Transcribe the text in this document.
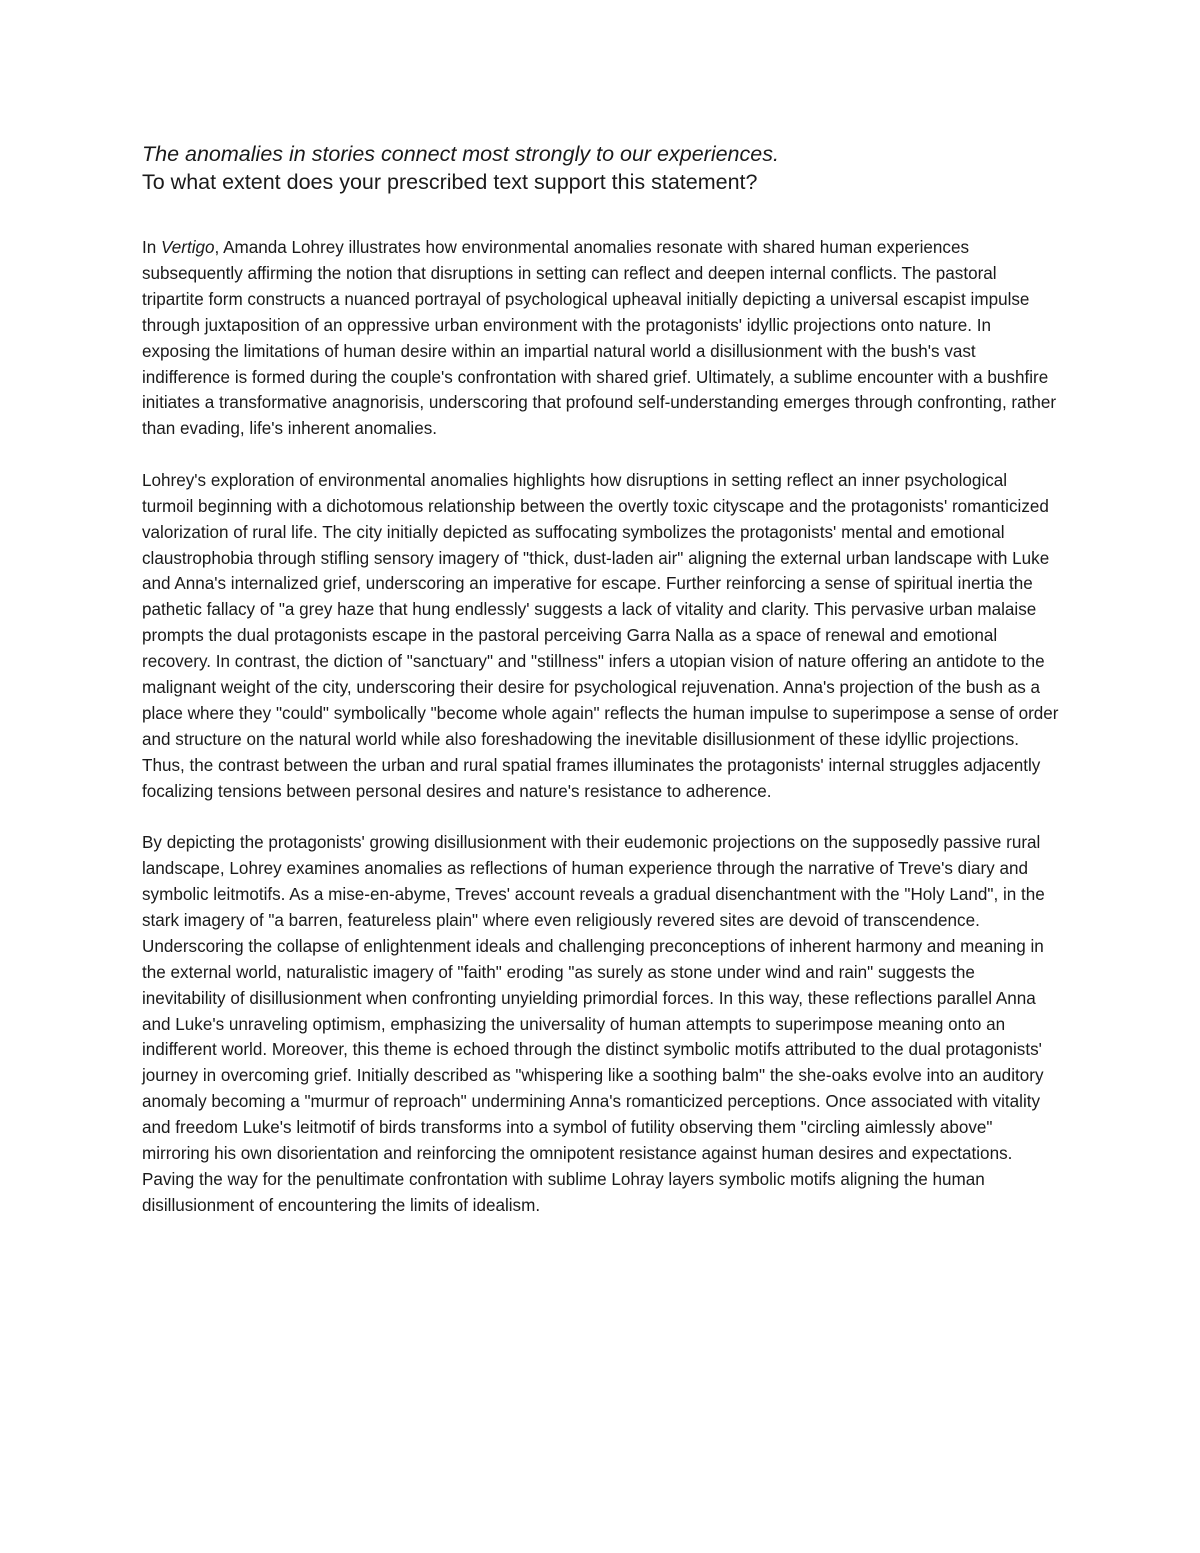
The anomalies in stories connect most strongly to our experiences.

To what extent does your prescribed text support this statement?

In Vertigo, Amanda Lohrey illustrates how environmental anomalies resonate with shared human experiences subsequently affirming the notion that disruptions in setting can reflect and deepen internal conflicts. The pastoral tripartite form constructs a nuanced portrayal of psychological upheaval initially depicting a universal escapist impulse through juxtaposition of an oppressive urban environment with the protagonists' idyllic projections onto nature. In exposing the limitations of human desire within an impartial natural world a disillusionment with the bush's vast indifference is formed during the couple's confrontation with shared grief. Ultimately, a sublime encounter with a bushfire initiates a transformative anagnorisis, underscoring that profound self-understanding emerges through confronting, rather than evading, life's inherent anomalies.

Lohrey's exploration of environmental anomalies highlights how disruptions in setting reflect an inner psychological turmoil beginning with a dichotomous relationship between the overtly toxic cityscape and the protagonists' romanticized valorization of rural life. The city initially depicted as suffocating symbolizes the protagonists' mental and emotional claustrophobia through stifling sensory imagery of "thick, dust-laden air" aligning the external urban landscape with Luke and Anna's internalized grief, underscoring an imperative for escape. Further reinforcing a sense of spiritual inertia the pathetic fallacy of "a grey haze that hung endlessly' suggests a lack of vitality and clarity. This pervasive urban malaise prompts the dual protagonists escape in the pastoral perceiving Garra Nalla as a space of renewal and emotional recovery. In contrast, the diction of "sanctuary" and "stillness" infers a utopian vision of nature offering an antidote to the malignant weight of the city, underscoring their desire for psychological rejuvenation. Anna's projection of the bush as a place where they "could" symbolically "become whole again" reflects the human impulse to superimpose a sense of order and structure on the natural world while also foreshadowing the inevitable disillusionment of these idyllic projections. Thus, the contrast between the urban and rural spatial frames illuminates the protagonists' internal struggles adjacently focalizing tensions between personal desires and nature's resistance to adherence.

By depicting the protagonists' growing disillusionment with their eudemonic projections on the supposedly passive rural landscape, Lohrey examines anomalies as reflections of human experience through the narrative of Treve's diary and symbolic leitmotifs. As a mise-en-abyme, Treves' account reveals a gradual disenchantment with the "Holy Land", in the stark imagery of "a barren, featureless plain" where even religiously revered sites are devoid of transcendence. Underscoring the collapse of enlightenment ideals and challenging preconceptions of inherent harmony and meaning in the external world, naturalistic imagery of "faith" eroding "as surely as stone under wind and rain" suggests the inevitability of disillusionment when confronting unyielding primordial forces. In this way, these reflections parallel Anna and Luke's unraveling optimism, emphasizing the universality of human attempts to superimpose meaning onto an indifferent world. Moreover, this theme is echoed through the distinct symbolic motifs attributed to the dual protagonists' journey in overcoming grief. Initially described as "whispering like a soothing balm" the she-oaks evolve into an auditory anomaly becoming a "murmur of reproach" undermining Anna's romanticized perceptions. Once associated with vitality and freedom Luke's leitmotif of birds transforms into a symbol of futility observing them "circling aimlessly above" mirroring his own disorientation and reinforcing the omnipotent resistance against human desires and expectations. Paving the way for the penultimate confrontation with sublime Lohray layers symbolic motifs aligning the human disillusionment of encountering the limits of idealism.
